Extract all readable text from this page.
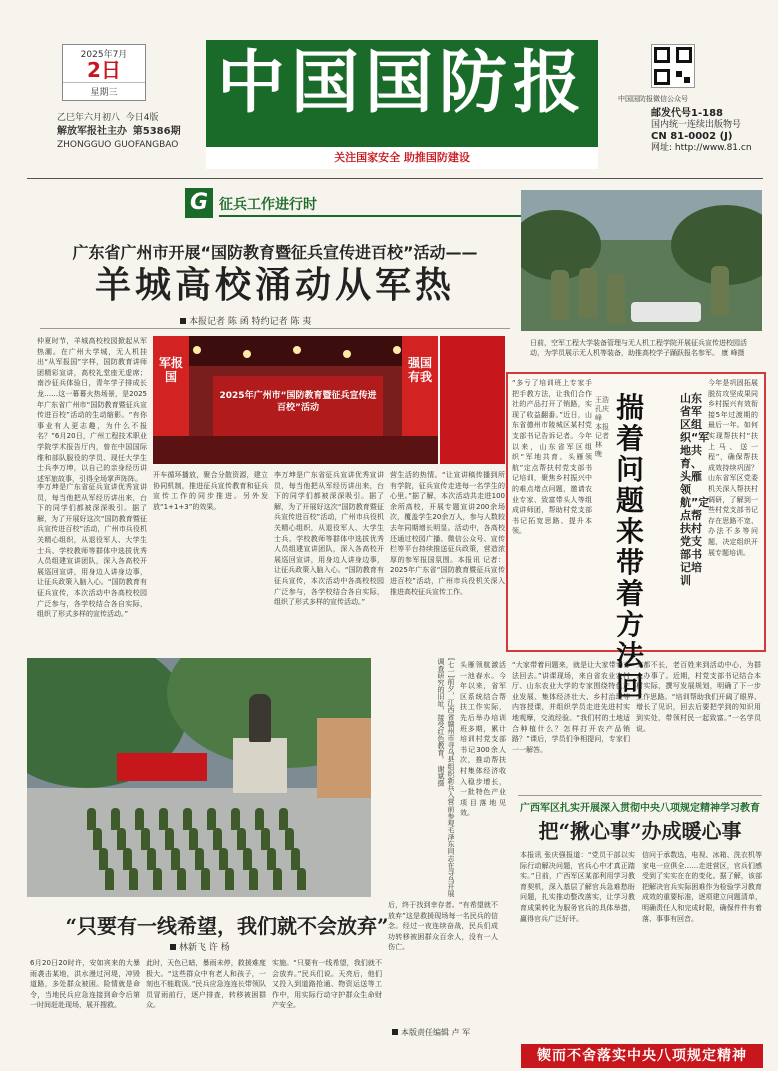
2025年7月
2日
星期三
乙巳年六月初八 今日4版
解放军报社主办 第5386期
ZHONGGUO GUOFANGBAO
中国国防报
关注国家安全 助推国防建设
中国国防报微信公众号
邮发代号1-188
国内统一连续出版物号
CN 81-0002 (J)
网址: http://www.81.cn
G 征兵工作进行时
广东省广州市开展“国防教育暨征兵宣传进百校”活动——
羊城高校涌动从军热
本报记者 陈 函 特约记者 陈 夷
仲夏时节，羊城高校校园掀起从军热潮。在广州大学城，无人机挂出“从军报国”字样，国防教育讲师团精彩宣讲，高校礼堂座无虚席；南沙征兵体验日，青年学子排成长龙……这一幕幕火热场景，是2025年广东省广州市“国防教育暨征兵宣传进百校”活动的生动缩影。“有你事业有人更志趣，为什么不报名？”6月20日，广州工程技术职业学院学术报告厅内，曾在中国国际维和部队服役的学员、现任大学生士兵李万坤，以自己的亲身经历讲述军旅故事，引得全场掌声阵阵。
李万坤是广东省征兵宣讲优秀宣讲员，每当他把从军经历讲出来，台下的同学们都被深深吸引。据了解，为了开展好这次“国防教育暨征兵宣传进百校”活动，广州市兵役机关精心组织，从退役军人、大学生士兵、学校教师等群体中选拔优秀人员组建宣讲团队，深入各高校开展巡回宣讲，用身边人讲身边事，让征兵政策入脑入心。“国防教育有征兵宣传，本次活动中各高校校园广泛参与，各学校结合各自实际，组织了形式多样的宣传活动。”
开车循环播放，聚合分散资源，建立协同机制，推进征兵宣传教育和征兵宣传工作的同步推进。另外发放“1+1+3”的效果。
李万坤是广东省征兵宣讲优秀宣讲员，每当他把从军经历讲出来，台下的同学们都被深深吸引。据了解，为了开展好这次“国防教育暨征兵宣传进百校”活动，广州市兵役机关精心组织，从退役军人、大学生士兵、学校教师等群体中选拔优秀人员组建宣讲团队，深入各高校开展巡回宣讲，用身边人讲身边事，让征兵政策入脑入心。“国防教育有征兵宣传，本次活动中各高校校园广泛参与，各学校结合各自实际，组织了形式多样的宣传活动。”
营生活的热情。“让宣讲稿传播到所有学院，征兵宣传走进每一名学生的心里。”据了解，本次活动共走进100余所高校，开展专题宣讲200余场次，覆盖学生20余万人，参与人数较去年同期增长明显。活动中，各高校还通过校园广播、微信公众号、宣传栏等平台持续推送征兵政策，营造浓厚的参军报国氛围。本报讯 记者：2025年广东省“国防教育暨征兵宣传进百校”活动，广州市兵役机关深入推进高校征兵宣传工作。
军报国
强国有我
2025年广州市“国防教育暨征兵宣传进百校”活动
日前，空军工程大学装备管理与无人机工程学院开展征兵宣传进校园活动，为学员展示无人机等装备，助推高校学子踊跃报名参军。 康 峰摄
山东省军区组织“军地共育、头雁领航”定点帮扶村党支部书记培训
揣着问题来 带着方法回
王浩 孔庆峰 本报记者 林 晚
“多亏了培训班上专家手把手教方法，让我们合作社的产品打开了销路，实现了收益翻番。”近日，山东省德州市陵城区某村党支部书记告诉记者。今年以来，山东省军区组织“军地共育、头雁领航”定点帮扶村党支部书记培训，聚焦乡村振兴中的难点堵点问题，邀请农业专家、致富带头人等组成讲师团，帮助村党支部书记拓宽思路、提升本领。
今年是巩固拓展脱贫攻坚成果同乡村振兴有效衔接5年过渡期的最后一年。如何实现帮扶村“扶上马、送一程”，确保帮扶成效持续巩固？山东省军区党委机关深入帮扶村调研，了解到一些村党支部书记存在思路不宽、办法不多等问题，决定组织开展专题培训。
“大家带着问题来，就是让大家带着方法回去。”讲课现场，来自省农业农村厅、山东农业大学的专家围绕特色产业发展、集体经济壮大、乡村治理等内容授课，并组织学员走进先进村实地观摩，交流经验。“我们村的土地适合种植什么？怎样打开农产品销路？”课后，学员们争相提问，专家们一一解答。
文都不长，老百姓来到活动中心，为群众办事了。近期，村党支部书记结合本村实际，撰写发展规划，明确了下一步工作思路。“培训帮助我们开阔了眼界、增长了见识，回去后要把学到的知识用到实处，带领村民一起致富。”一名学员说。
头雁领航激活一池春水。今年以来，省军区系统结合帮扶工作实际，先后举办培训班多期，累计培训村党支部书记300余人次，推动帮扶村集体经济收入稳步增长，一批特色产业项目落地见效。
[七一]前夕，江西省赣州市寻乌县组织新兵入营前参观毛泽东同志在寻乌开展调查研究的旧址，接受红色教育。 谢斌摄
“只要有一线希望，我们就不会放弃”
林新飞 许 杨
6月20日20时许，安如宾来的大暴雨袭击某地，洪水漫过河堤，冲毁道路，多处群众被困。险情就是命令，当地民兵应急连接到命令后第一时间赶赴现场，展开搜救。
此时，天色已暗，暴雨未停，救援难度极大。“这些群众中有老人和孩子，一刻也不能耽误。”民兵应急连连长带领队员冒雨前行，逐户排查，转移被困群众。
实施。“只要有一线希望，我们就不会放弃。”民兵们说。天亮后，他们又投入到道路抢通、物资运送等工作中，用实际行动守护群众生命财产安全。
后，终于找到幸存者。“有希望就不放弃”这是救援现场每一名民兵的信念。经过一夜连续奋战，民兵们成功转移被困群众百余人，没有一人伤亡。
本版责任编辑 卢 军
广西军区扎实开展深入贯彻中央八项规定精神学习教育
把“揪心事”办成暖心事
本报讯 张庆强报道：“党员干部以实际行动解决问题，官兵心中才真正踏实。”日前，广西军区某部利用学习教育契机，深入基层了解官兵急难愁盼问题，扎实推动整改落实，让学习教育成果转化为服务官兵的具体举措，赢得官兵广泛好评。
信问于承数选，电视、冰箱、洗衣机等家电一应俱全……走进营区，官兵们感受到了实实在在的变化。据了解，该部把解决官兵实际困难作为检验学习教育成效的重要标准，逐项建立问题清单，明确责任人和完成时限，确保件件有着落、事事有回音。
锲而不舍落实中央八项规定精神
